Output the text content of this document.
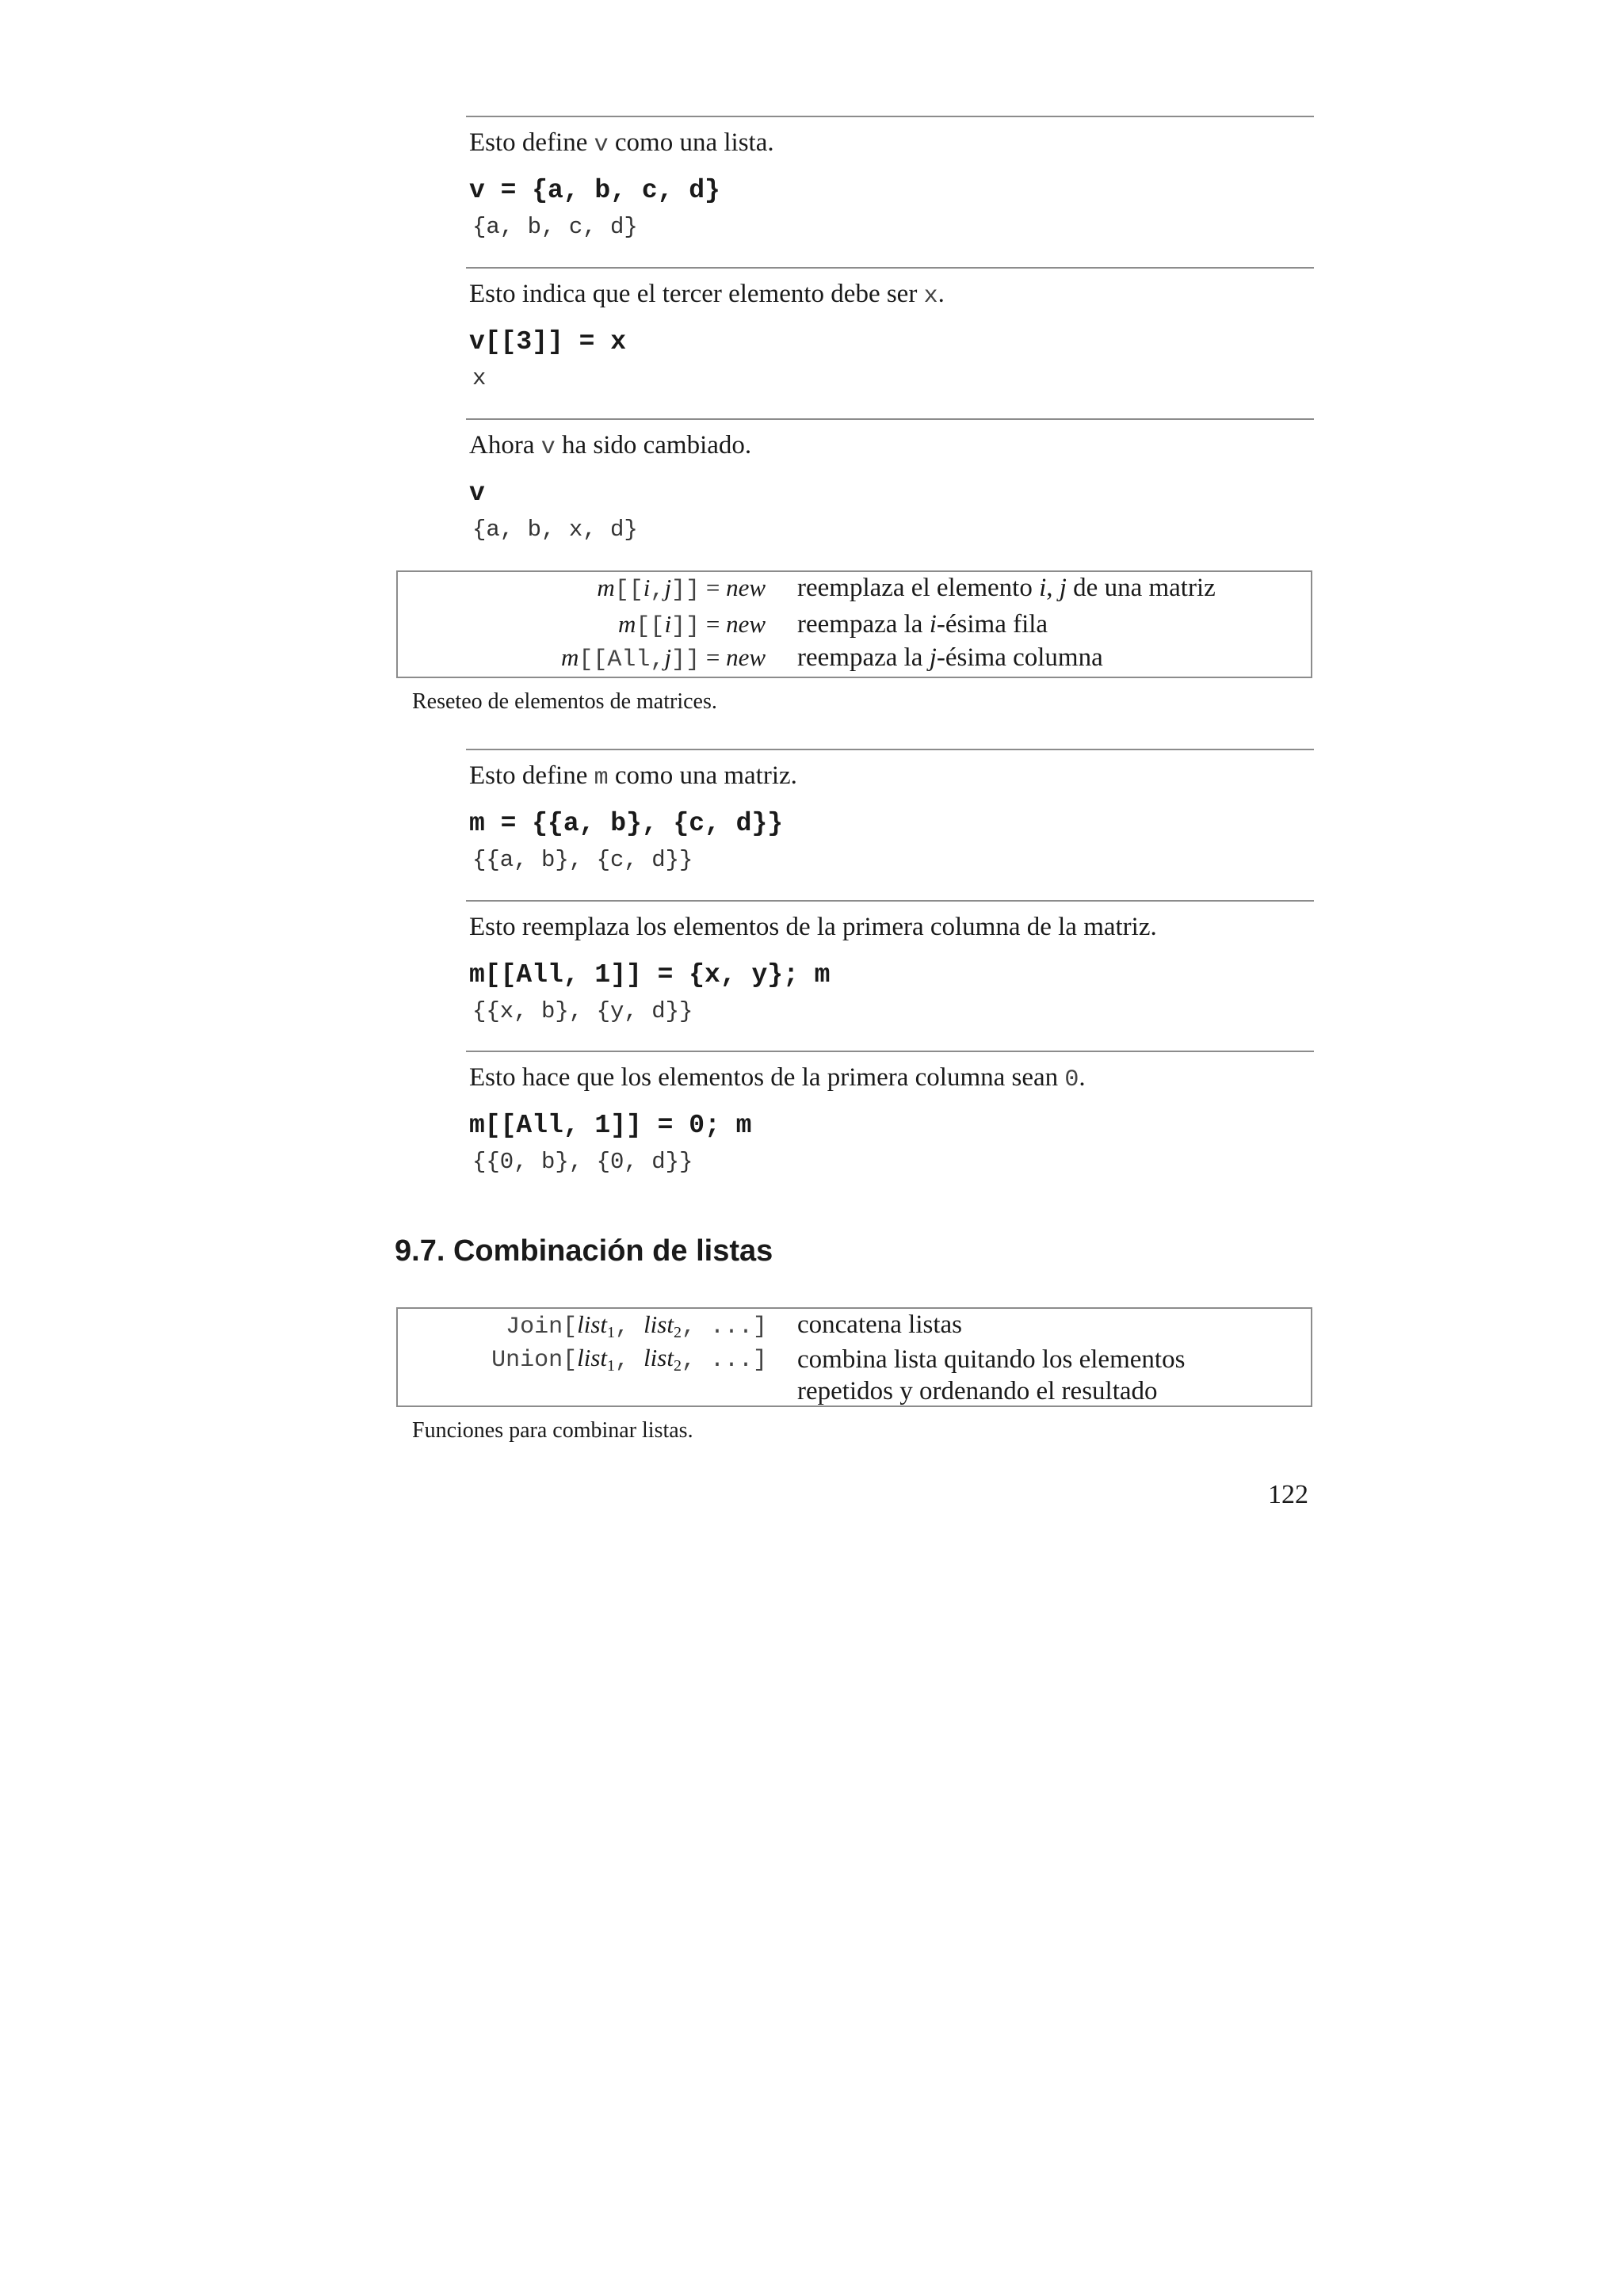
Esto define v como una lista.
v = {a, b, c, d}
{a, b, c, d}
Esto indica que el tercer elemento debe ser x.
v[[3]] = x
x
Ahora v ha sido cambiado.
v
{a, b, x, d}
m[[i,j]] = new reemplaza el elemento i, j de una matriz
m[[i]] = new reempaza la i-ésima fila
m[[All,j]] = new reempaza la j-ésima columna
Reseteo de elementos de matrices.
Esto define m como una matriz.
m = {{a, b}, {c, d}}
{{a, b}, {c, d}}
Esto reemplaza los elementos de la primera columna de la matriz.
m[[All, 1]] = {x, y}; m
{{x, b}, {y, d}}
Esto hace que los elementos de la primera columna sean 0.
m[[All, 1]] = 0; m
{{0, b}, {0, d}}
9.7. Combinación de listas
Join[list$_1$, list$_2$, ...] concatena listas
Union[list$_1$, list$_2$, ...] combina lista quitando los elementos
repetidos y ordenando el resultado
Funciones para combinar listas.
122
